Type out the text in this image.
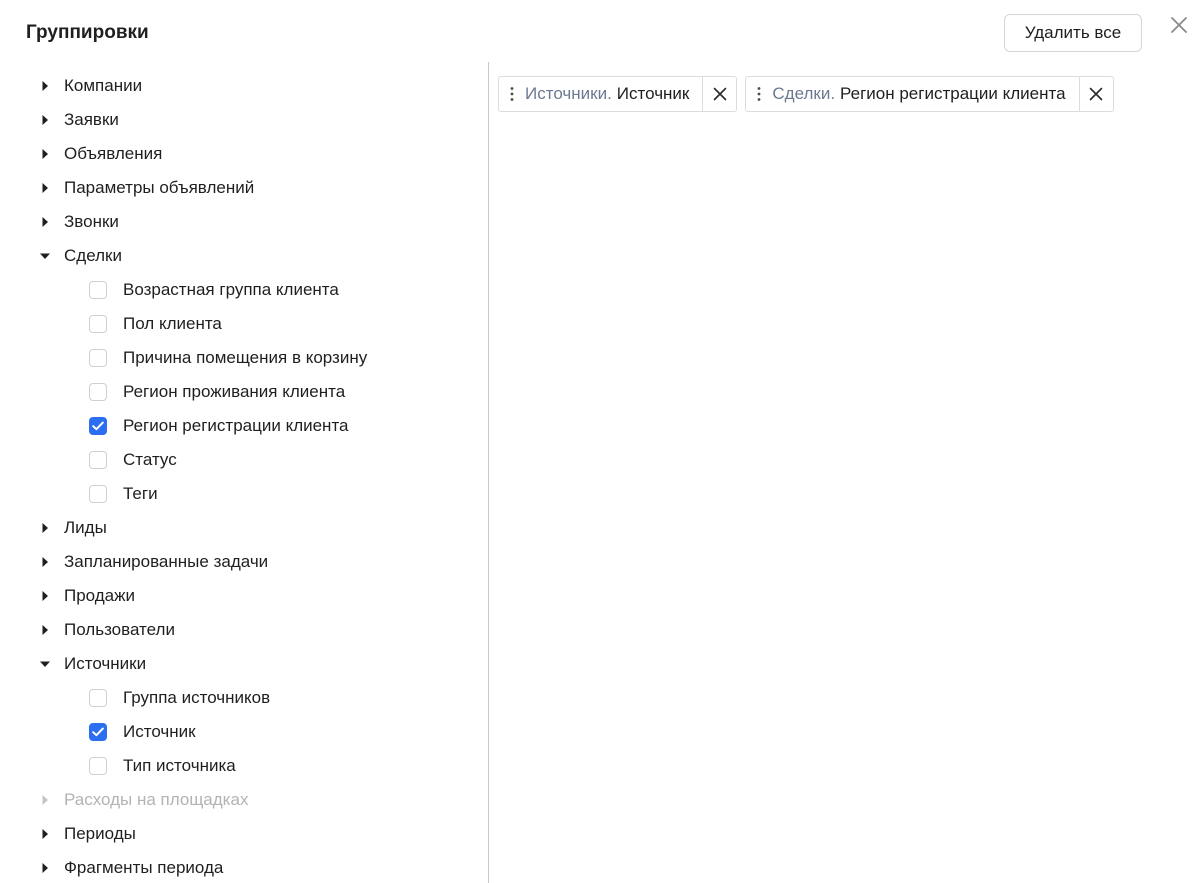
Группировки	Удалить все
Компании
Заявки
Объявления
Параметры объявлений
Звонки
Сделки
Возрастная группа клиента
Пол клиента
Причина помещения в корзину
Регион проживания клиента
Регион регистрации клиента
Статус
Теги
Лиды
Запланированные задачи
Продажи
Пользователи
Источники
Группа источников
Источник
Тип источника
Расходы на площадках
Периоды
Фрагменты периода
Источники. Источник	Сделки. Регион регистрации клиента
